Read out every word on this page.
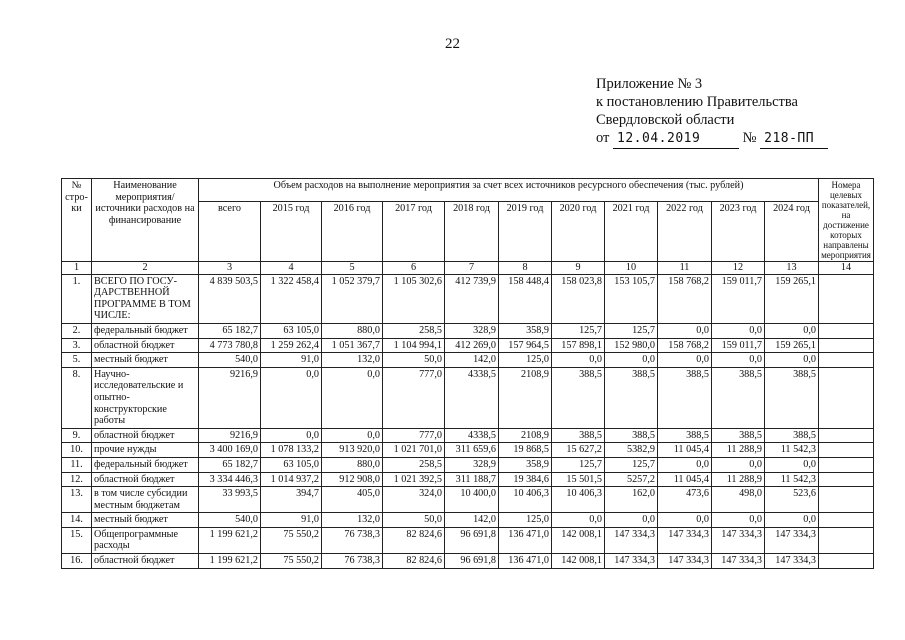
22
Приложение № 3
к постановлению Правительства
Свердловской области
от 12.04.2019	№ 218-ПП
№ стро-ки	Наименование мероприятия/ источники расходов на финансирование	Объем расходов на выполнение мероприятия за счет всех источников ресурсного обеспечения (тыс. рублей)											Номера целевых показателей, на достижение которых направлены мероприятия
		всего	2015 год	2016 год	2017 год	2018 год	2019 год	2020 год	2021 год	2022 год	2023 год	2024 год	
1	2	3	4	5	6	7	8	9	10	11	12	13	14
1.	ВСЕГО ПО ГОСУ-ДАРСТВЕННОЙ ПРОГРАММЕ В ТОМ ЧИСЛЕ:	4 839 503,5	1 322 458,4	1 052 379,7	1 105 302,6	412 739,9	158 448,4	158 023,8	153 105,7	158 768,2	159 011,7	159 265,1	
2.	федеральный бюджет	65 182,7	63 105,0	880,0	258,5	328,9	358,9	125,7	125,7	0,0	0,0	0,0	
3.	областной бюджет	4 773 780,8	1 259 262,4	1 051 367,7	1 104 994,1	412 269,0	157 964,5	157 898,1	152 980,0	158 768,2	159 011,7	159 265,1	
5.	местный бюджет	540,0	91,0	132,0	50,0	142,0	125,0	0,0	0,0	0,0	0,0	0,0	
8.	Научно-исследовательские и опытно-конструкторские работы	9216,9	0,0	0,0	777,0	4338,5	2108,9	388,5	388,5	388,5	388,5	388,5	
9.	областной бюджет	9216,9	0,0	0,0	777,0	4338,5	2108,9	388,5	388,5	388,5	388,5	388,5	
10.	прочие нужды	3 400 169,0	1 078 133,2	913 920,0	1 021 701,0	311 659,6	19 868,5	15 627,2	5382,9	11 045,4	11 288,9	11 542,3	
11.	федеральный бюджет	65 182,7	63 105,0	880,0	258,5	328,9	358,9	125,7	125,7	0,0	0,0	0,0	
12.	областной бюджет	3 334 446,3	1 014 937,2	912 908,0	1 021 392,5	311 188,7	19 384,6	15 501,5	5257,2	11 045,4	11 288,9	11 542,3	
13.	в том числе субсидии местным бюджетам	33 993,5	394,7	405,0	324,0	10 400,0	10 406,3	10 406,3	162,0	473,6	498,0	523,6	
14.	местный бюджет	540,0	91,0	132,0	50,0	142,0	125,0	0,0	0,0	0,0	0,0	0,0	
15.	Общепрограммные расходы	1 199 621,2	75 550,2	76 738,3	82 824,6	96 691,8	136 471,0	142 008,1	147 334,3	147 334,3	147 334,3	147 334,3	
16.	областной бюджет	1 199 621,2	75 550,2	76 738,3	82 824,6	96 691,8	136 471,0	142 008,1	147 334,3	147 334,3	147 334,3	147 334,3	
